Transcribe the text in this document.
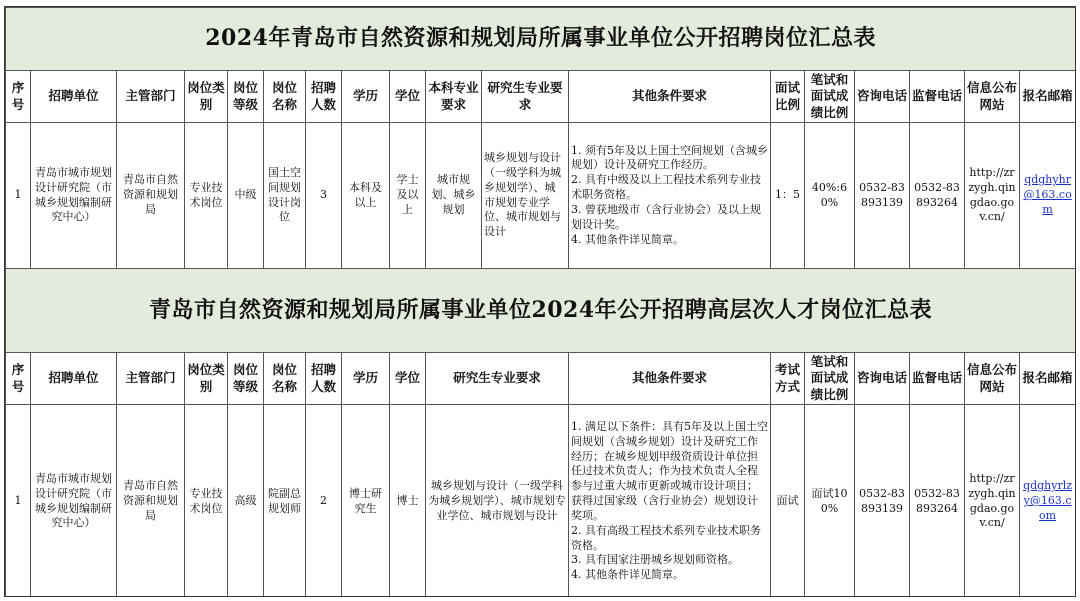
2024年青岛市自然资源和规划局所属事业单位公开招聘岗位汇总表																	
序号	招聘单位	主管部门	岗位类别	岗位等级	岗位名称	招聘人数	学历	学位	本科专业要求	研究生专业要求	其他条件要求	面试比例	笔试和面试成绩比例	咨询电话	监督电话	信息公布网站	报名邮箱
1	青岛市城市规划设计研究院（市城乡规划编制研究中心）	青岛市自然资源和规划局	专业技术岗位	中级	国土空间规划设计岗位	3	本科及以上	学士及以上	城市规划、城乡规划	城乡规划与设计（一级学科为城乡规划学）、城市规划专业学位、城市规划与设计	1. 须有5年及以上国土空间规划（含城乡规划）设计及研究工作经历。
2. 具有中级及以上工程技术系列专业技术职务资格。
3. 曾获地级市（含行业协会）及以上规划设计奖。
4. 其他条件详见简章。	1：5	40%:60%	0532-83893139	0532-83893264	http://zrzygh.qingdao.gov.cn/	qdghyhr@163.com
青岛市自然资源和规划局所属事业单位2024年公开招聘高层次人才岗位汇总表																
序号	招聘单位	主管部门	岗位类别	岗位等级	岗位名称	招聘人数	学历	学位	研究生专业要求	其他条件要求	考试方式	笔试和面试成绩比例	咨询电话	监督电话	信息公布网站	报名邮箱
1	青岛市城市规划设计研究院（市城乡规划编制研究中心）	青岛市自然资源和规划局	专业技术岗位	高级	院副总规划师	2	博士研究生	博士	城乡规划与设计（一级学科为城乡规划学）、城市规划专业学位、城市规划与设计	1. 满足以下条件：具有5年及以上国土空间规划（含城乡规划）设计及研究工作经历；在城乡规划甲级资质设计单位担任过技术负责人；作为技术负责人全程参与过重大城市更新或城市设计项目；获得过国家级（含行业协会）规划设计奖项。
2. 具有高级工程技术系列专业技术职务资格。
3. 具有国家注册城乡规划师资格。
4. 其他条件详见简章。	面试	面试100%	0532-83893139	0532-83893264	http://zrzygh.qingdao.gov.cn/	qdghyrlzy@163.com
